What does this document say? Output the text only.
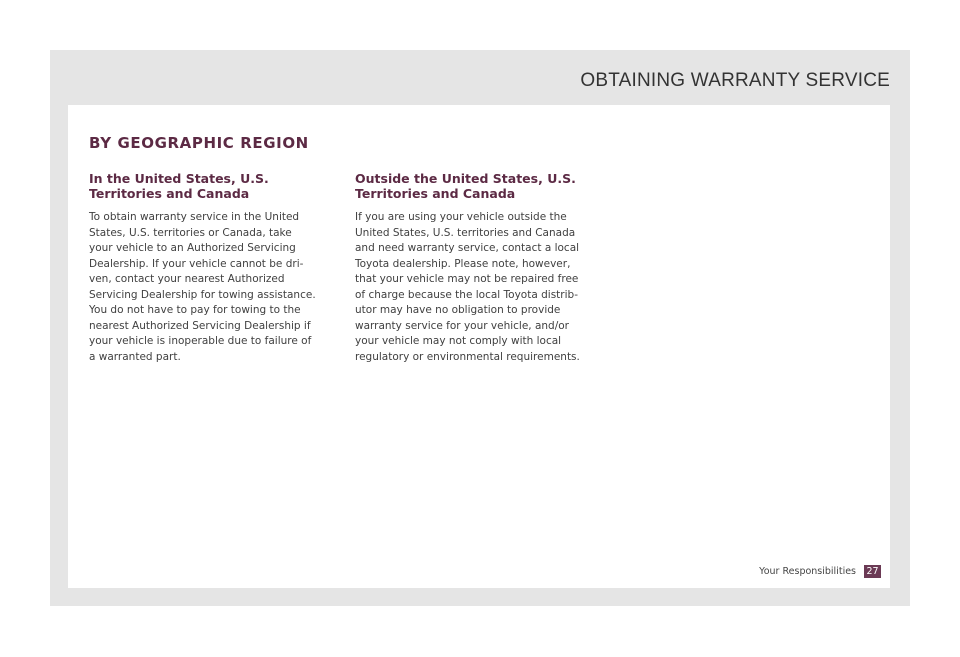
OBTAINING WARRANTY SERVICE
BY GEOGRAPHIC REGION
In the United States, U.S.
Territories and Canada

To obtain warranty service in the United
States, U.S. territories or Canada, take
your vehicle to an Authorized Servicing
Dealership. If your vehicle cannot be dri-
ven, contact your nearest Authorized
Servicing Dealership for towing assistance.
You do not have to pay for towing to the
nearest Authorized Servicing Dealership if
your vehicle is inoperable due to failure of
a warranted part.

Outside the United States, U.S.
Territories and Canada

If you are using your vehicle outside the
United States, U.S. territories and Canada
and need warranty service, contact a local
Toyota dealership. Please note, however,
that your vehicle may not be repaired free
of charge because the local Toyota distrib-
utor may have no obligation to provide
warranty service for your vehicle, and/or
your vehicle may not comply with local
regulatory or environmental requirements.

Your Responsibilities 27
